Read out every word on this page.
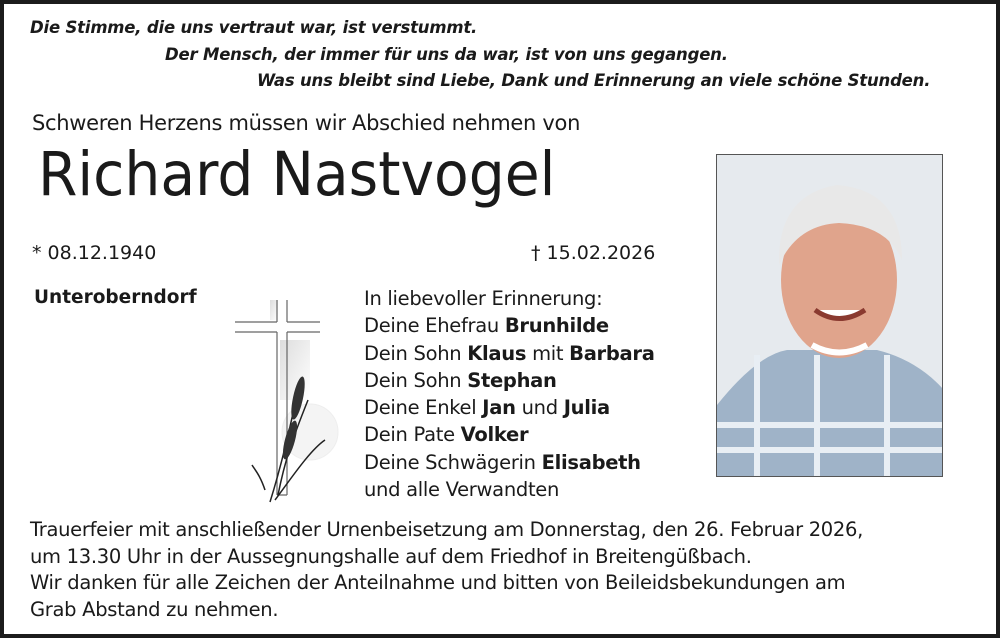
Die Stimme, die uns vertraut war, ist verstummt.
Der Mensch, der immer für uns da war, ist von uns gegangen.
Was uns bleibt sind Liebe, Dank und Erinnerung an viele schöne Stunden.
Schweren Herzens müssen wir Abschied nehmen von
Richard Nastvogel
* 08.12.1940	† 15.02.2026
Unteroberndorf	In liebevoller Erinnerung:
Deine Ehefrau Brunhilde
Dein Sohn Klaus mit Barbara
Dein Sohn Stephan
Deine Enkel Jan und Julia
Dein Pate Volker
Deine Schwägerin Elisabeth
und alle Verwandten
Trauerfeier mit anschließender Urnenbeisetzung am Donnerstag, den 26. Februar 2026,
um 13.30 Uhr in der Aussegnungshalle auf dem Friedhof in Breitengüßbach.
Wir danken für alle Zeichen der Anteilnahme und bitten von Beileidsbekundungen am
Grab Abstand zu nehmen.
